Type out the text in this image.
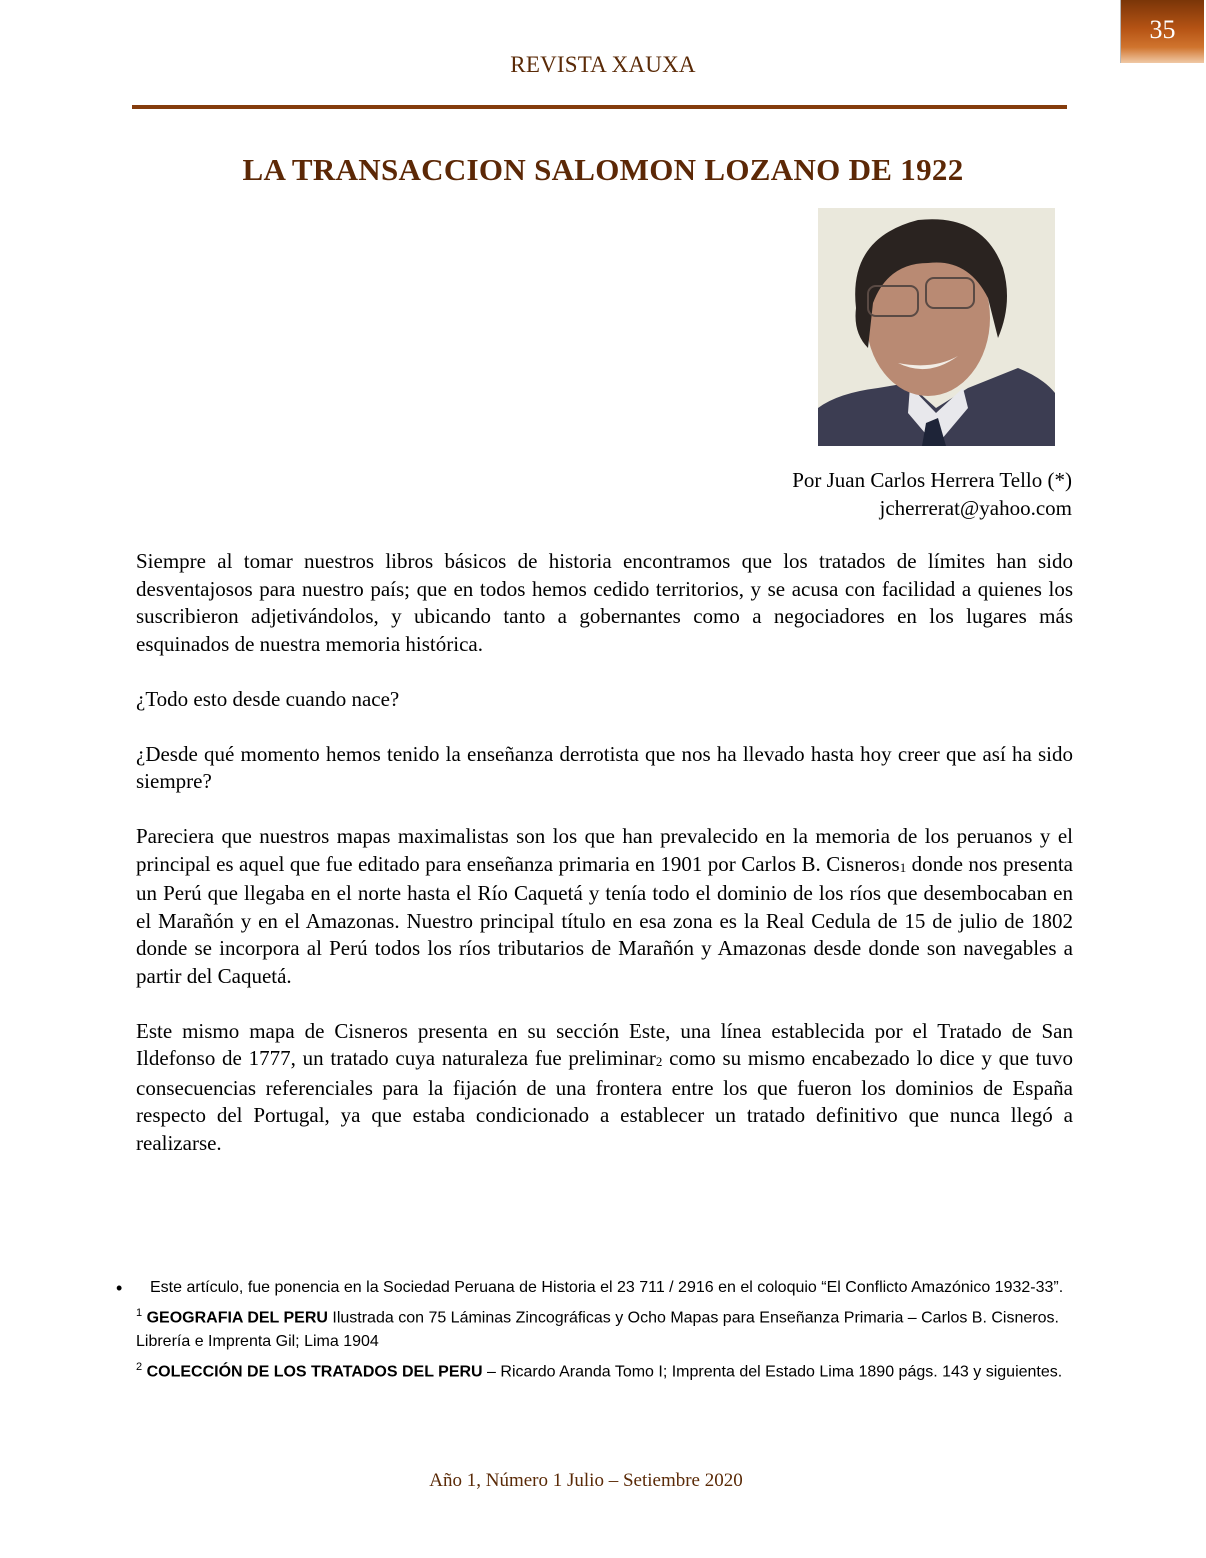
35
REVISTA XAUXA
LA TRANSACCION SALOMON LOZANO DE 1922
Por Juan Carlos Herrera Tello (*)
jcherrerat@yahoo.com

Siempre al tomar nuestros libros básicos de historia encontramos que los tratados de límites han sido desventajosos para nuestro país; que en todos hemos cedido territorios, y se acusa con facilidad a quienes los suscribieron adjetivándolos, y ubicando tanto a gobernantes como a negociadores en los lugares más esquinados de nuestra memoria histórica.

¿Todo esto desde cuando nace?

¿Desde qué momento hemos tenido la enseñanza derrotista que nos ha llevado hasta hoy creer que así ha sido siempre?

Pareciera que nuestros mapas maximalistas son los que han prevalecido en la memoria de los peruanos y el principal es aquel que fue editado para enseñanza primaria en 1901 por Carlos B. Cisneros$_1$ donde nos presenta un Perú que llegaba en el norte hasta el Río Caquetá y tenía todo el dominio de los ríos que desembocaban en el Marañón y en el Amazonas. Nuestro principal título en esa zona es la Real Cedula de 15 de julio de 1802 donde se incorpora al Perú todos los ríos tributarios de Marañón y Amazonas desde donde son navegables a partir del Caquetá.

Este mismo mapa de Cisneros presenta en su sección Este, una línea establecida por el Tratado de San Ildefonso de 1777, un tratado cuya naturaleza fue preliminar$_2$ como su mismo encabezado lo dice y que tuvo consecuencias referenciales para la fijación de una frontera entre los que fueron los dominios de España respecto del Portugal, ya que estaba condicionado a establecer un tratado definitivo que nunca llegó a realizarse.

• Este artículo, fue ponencia en la Sociedad Peruana de Historia el 23 711 / 2916 en el coloquio “El Conflicto Amazónico 1932-33”.
$^1$ GEOGRAFIA DEL PERU Ilustrada con 75 Láminas Zincográficas y Ocho Mapas para Enseñanza Primaria – Carlos B. Cisneros. Librería e Imprenta Gil; Lima 1904
$^2$ COLECCIÓN DE LOS TRATADOS DEL PERU – Ricardo Aranda Tomo I; Imprenta del Estado Lima 1890 págs. 143 y siguientes.
Año 1, Número 1 Julio – Setiembre 2020
